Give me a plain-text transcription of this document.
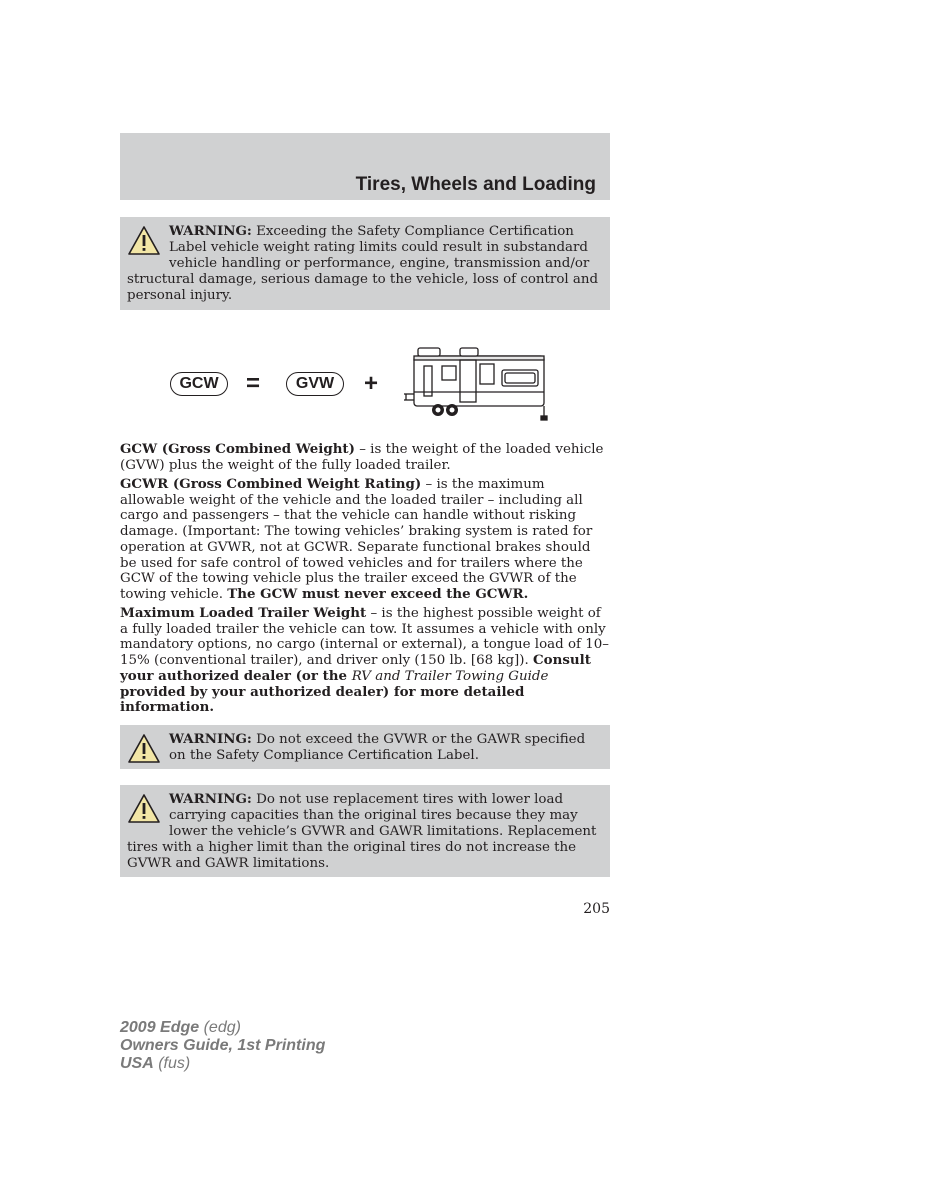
Tires, Wheels and Loading
WARNING: Exceeding the Safety Compliance Certification Label vehicle weight rating limits could result in substandard vehicle handling or performance, engine, transmission and/or structural damage, serious damage to the vehicle, loss of control and personal injury.
GCW	=	GVW	+

GCW (Gross Combined Weight) – is the weight of the loaded vehicle (GVW) plus the weight of the fully loaded trailer.

GCWR (Gross Combined Weight Rating) – is the maximum allowable weight of the vehicle and the loaded trailer – including all cargo and passengers – that the vehicle can handle without risking damage. (Important: The towing vehicles’ braking system is rated for operation at GVWR, not at GCWR. Separate functional brakes should be used for safe control of towed vehicles and for trailers where the GCW of the towing vehicle plus the trailer exceed the GVWR of the towing vehicle. The GCW must never exceed the GCWR.

Maximum Loaded Trailer Weight – is the highest possible weight of a fully loaded trailer the vehicle can tow. It assumes a vehicle with only mandatory options, no cargo (internal or external), a tongue load of 10–15% (conventional trailer), and driver only (150 lb. [68 kg]). Consult your authorized dealer (or the RV and Trailer Towing Guide provided by your authorized dealer) for more detailed information.

WARNING: Do not exceed the GVWR or the GAWR specified on the Safety Compliance Certification Label.
WARNING: Do not use replacement tires with lower load carrying capacities than the original tires because they may lower the vehicle’s GVWR and GAWR limitations. Replacement tires with a higher limit than the original tires do not increase the GVWR and GAWR limitations.
205
2009 Edge (edg)
Owners Guide, 1st Printing
USA (fus)
